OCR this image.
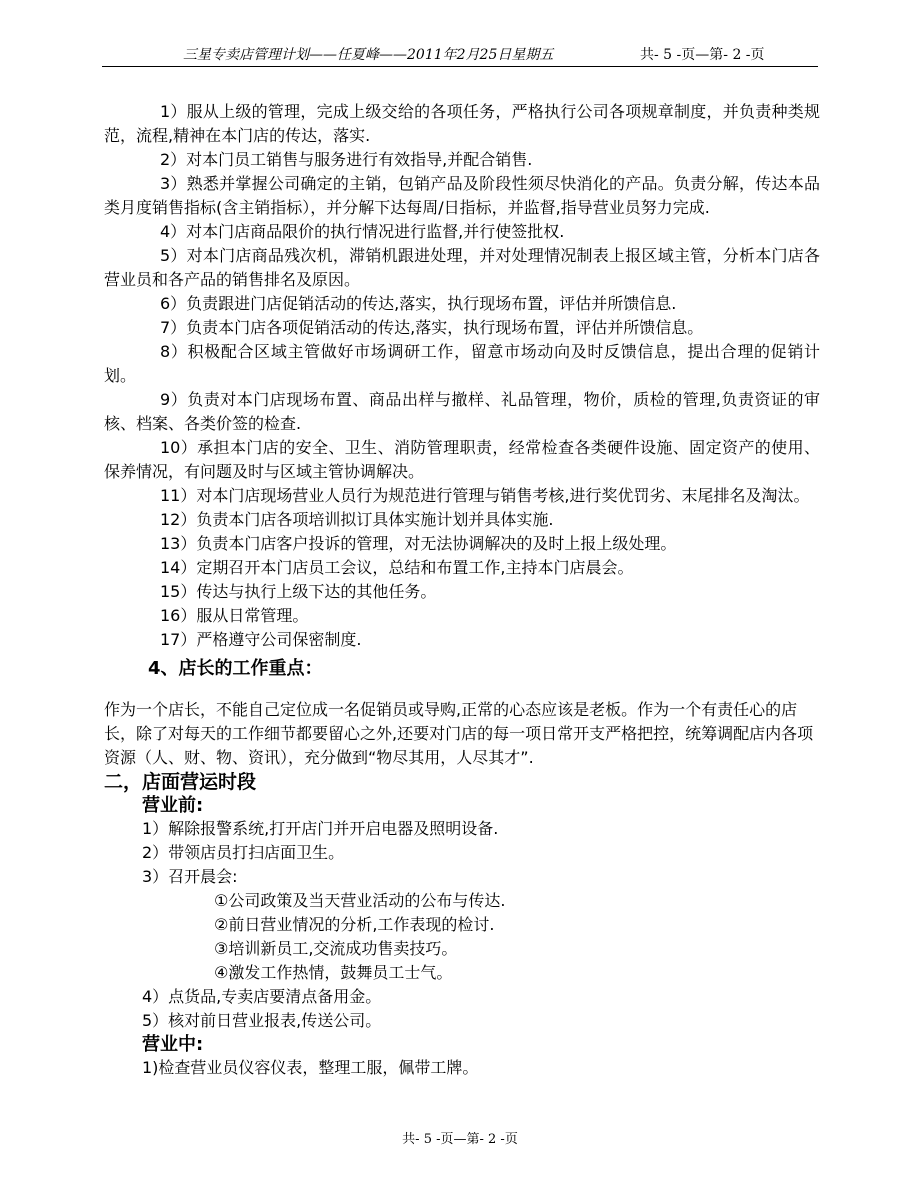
三星专卖店管理计划——任夏峰——2011年2月25日星期五	共- 5 -页—第- 2 -页

1）服从上级的管理，完成上级交给的各项任务，严格执行公司各项规章制度，并负责种类规范，流程,精神在本门店的传达，落实.

2）对本门员工销售与服务进行有效指导,并配合销售.

3）熟悉并掌握公司确定的主销，包销产品及阶段性须尽快消化的产品。负责分解，传达本品类月度销售指标(含主销指标），并分解下达每周/日指标，并监督,指导营业员努力完成.

4）对本门店商品限价的执行情况进行监督,并行使签批权.

5）对本门店商品残次机，滞销机跟进处理，并对处理情况制表上报区域主管，分析本门店各营业员和各产品的销售排名及原因。

6）负责跟进门店促销活动的传达,落实，执行现场布置，评估并所馈信息.

7）负责本门店各项促销活动的传达,落实，执行现场布置，评估并所馈信息。

8）积极配合区域主管做好市场调研工作，留意市场动向及时反馈信息，提出合理的促销计划。

9）负责对本门店现场布置、商品出样与撤样、礼品管理，物价，质检的管理,负责资证的审核、档案、各类价签的检查.

10）承担本门店的安全、卫生、消防管理职责，经常检查各类硬件设施、固定资产的使用、保养情况，有问题及时与区域主管协调解决。

11）对本门店现场营业人员行为规范进行管理与销售考核,进行奖优罚劣、末尾排名及淘汰。

12）负责本门店各项培训拟订具体实施计划并具体实施.

13）负责本门店客户投诉的管理，对无法协调解决的及时上报上级处理。

14）定期召开本门店员工会议，总结和布置工作,主持本门店晨会。

15）传达与执行上级下达的其他任务。

16）服从日常管理。

17）严格遵守公司保密制度.

4、店长的工作重点：

作为一个店长，不能自己定位成一名促销员或导购,正常的心态应该是老板。作为一个有责任心的店长，除了对每天的工作细节都要留心之外,还要对门店的每一项日常开支严格把控，统筹调配店内各项资源（人、财、物、资讯），充分做到“物尽其用，人尽其才”.

二，店面营运时段

营业前:

1）解除报警系统,打开店门并开启电器及照明设备.

2）带领店员打扫店面卫生。

3）召开晨会:

①公司政策及当天营业活动的公布与传达.

②前日营业情况的分析,工作表现的检讨.

③培训新员工,交流成功售卖技巧。

④激发工作热情，鼓舞员工士气。

4）点货品,专卖店要清点备用金。

5）核对前日营业报表,传送公司。

营业中:

1)检查营业员仪容仪表，整理工服，佩带工牌。

共- 5 -页—第- 2 -页
